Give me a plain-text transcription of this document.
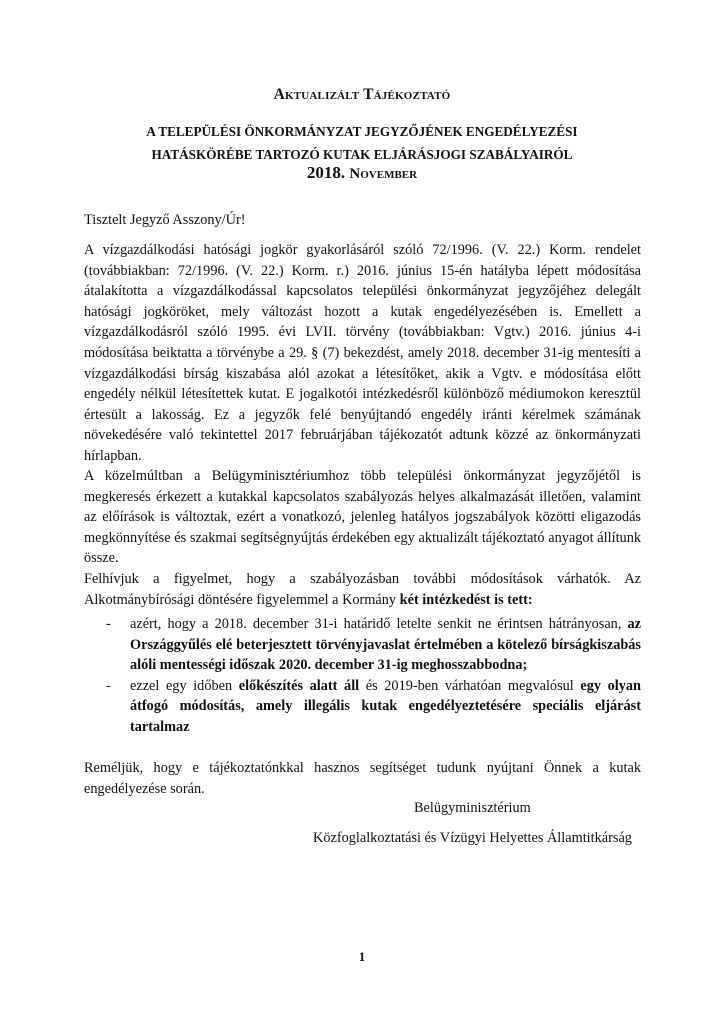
Aktualizált Tájékoztató
A TELEPÜLÉSI ÖNKORMÁNYZAT JEGYZŐJÉNEK ENGEDÉLYEZÉSI
HATÁSKÖRÉBE TARTOZÓ KUTAK ELJÁRÁSJOGI SZABÁLYAIRÓL
2018. November
Tisztelt Jegyző Asszony/Úr!

A vízgazdálkodási hatósági jogkör gyakorlásáról szóló 72/1996. (V. 22.) Korm. rendelet (továbbiakban: 72/1996. (V. 22.) Korm. r.) 2016. június 15-én hatályba lépett módosítása átalakította a vízgazdálkodással kapcsolatos települési önkormányzat jegyzőjéhez delegált hatósági jogköröket, mely változást hozott a kutak engedélyezésében is. Emellett a vízgazdálkodásról szóló 1995. évi LVII. törvény (továbbiakban: Vgtv.) 2016. június 4-i módosítása beiktatta a törvénybe a 29. § (7) bekezdést, amely 2018. december 31-ig mentesíti a vízgazdálkodási bírság kiszabása alól azokat a létesítőket, akik a Vgtv. e módosítása előtt engedély nélkül létesítettek kutat. E jogalkotói intézkedésről különböző médiumokon keresztül értesült a lakosság. Ez a jegyzők felé benyújtandó engedély iránti kérelmek számának növekedésére való tekintettel 2017 februárjában tájékozatót adtunk közzé az önkormányzati hírlapban.

A közelmúltban a Belügyminisztériumhoz több települési önkormányzat jegyzőjétől is megkeresés érkezett a kutakkal kapcsolatos szabályozás helyes alkalmazását illetően, valamint az előírások is változtak, ezért a vonatkozó, jelenleg hatályos jogszabályok közötti eligazodás megkönnyítése és szakmai segítségnyújtás érdekében egy aktualizált tájékoztató anyagot állítunk össze.

Felhívjuk a figyelmet, hogy a szabályozásban további módosítások várhatók. Az Alkotmánybírósági döntésére figyelemmel a Kormány két intézkedést is tett:

- azért, hogy a 2018. december 31-i határidő letelte senkit ne érintsen hátrányosan, az Országgyűlés elé beterjesztett törvényjavaslat értelmében a kötelező bírságkiszabás alóli mentességi időszak 2020. december 31-ig meghosszabbodna;
- ezzel egy időben előkészítés alatt áll és 2019-ben várhatóan megvalósul egy olyan átfogó módosítás, amely illegális kutak engedélyeztetésére speciális eljárást tartalmaz

Reméljük, hogy e tájékoztatónkkal hasznos segítséget tudunk nyújtani Önnek a kutak engedélyezése során.

Belügyminisztérium
Közfoglalkoztatási és Vízügyi Helyettes Államtitkárság
1
